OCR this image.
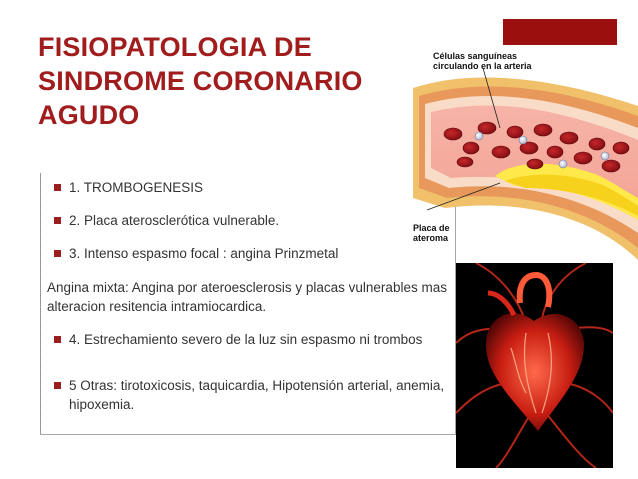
FISIOPATOLOGIA DE
SINDROME CORONARIO
AGUDO
1. TROMBOGENESIS
2. Placa aterosclerótica vulnerable.
3. Intenso espasmo focal : angina Prinzmetal
Angina mixta: Angina por ateroesclerosis y placas vulnerables mas alteracion resitencia intramiocardica.
4. Estrechamiento severo de la luz sin espasmo ni trombos
5 Otras: tirotoxicosis, taquicardia, Hipotensión arterial, anemia, hipoxemia.
Células sanguíneas
circulando en la arteria
Placa de
ateroma
